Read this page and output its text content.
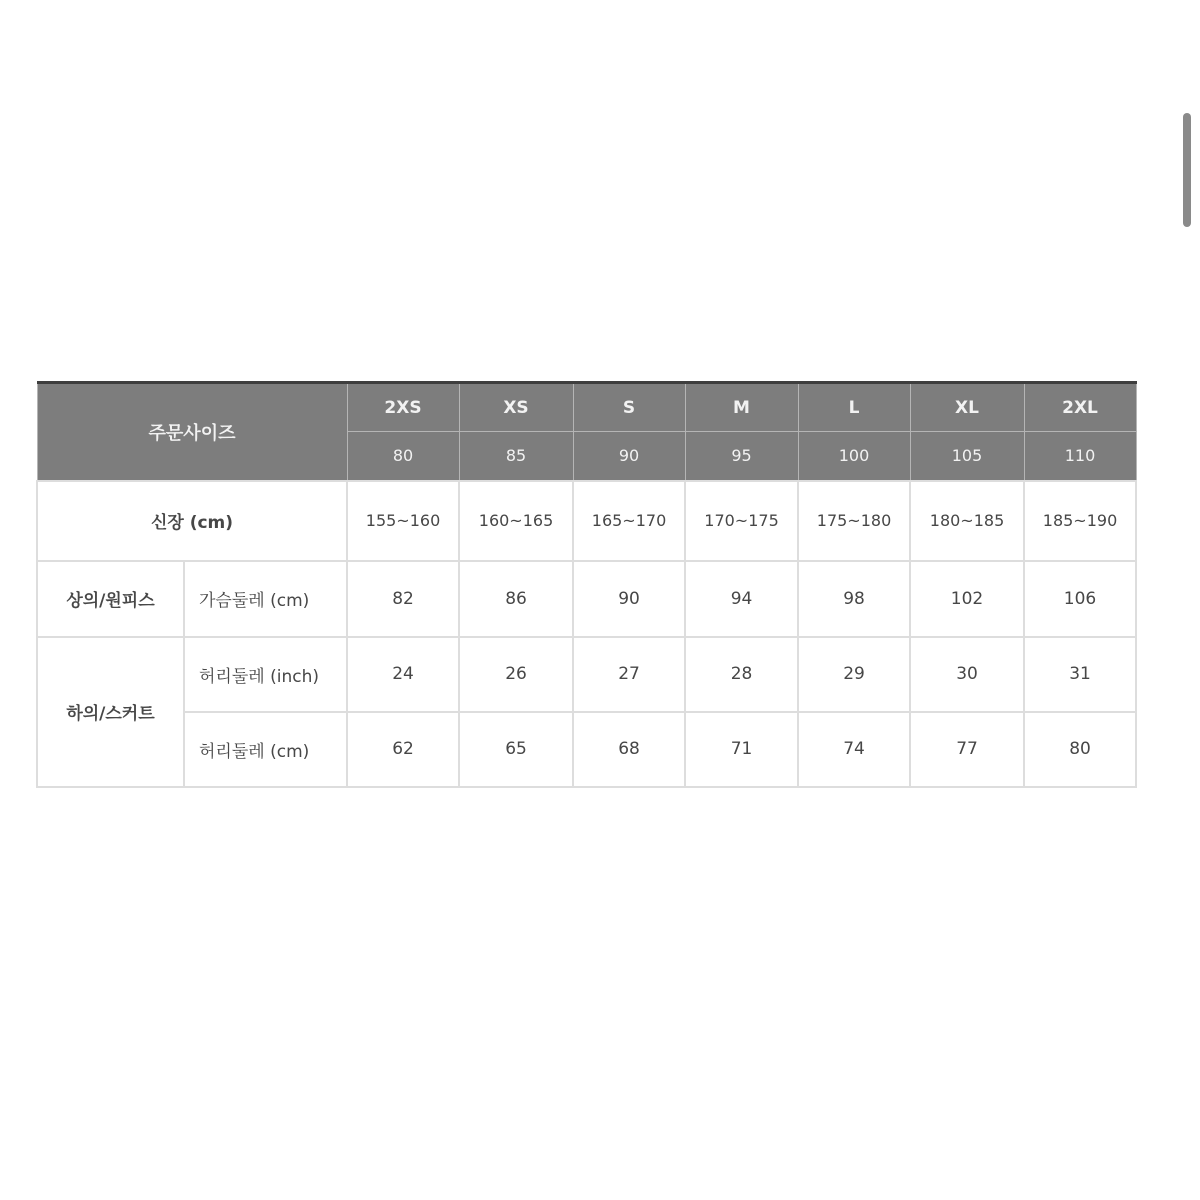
주문사이즈		2XS	XS	S	M	L	XL	2XL
		80	85	90	95	100	105	110
신장 (cm)		155~160	160~165	165~170	170~175	175~180	180~185	185~190
상의/원피스	가슴둘레 (cm)	82	86	90	94	98	102	106
하의/스커트	허리둘레 (inch)	24	26	27	28	29	30	31
	허리둘레 (cm)	62	65	68	71	74	77	80
